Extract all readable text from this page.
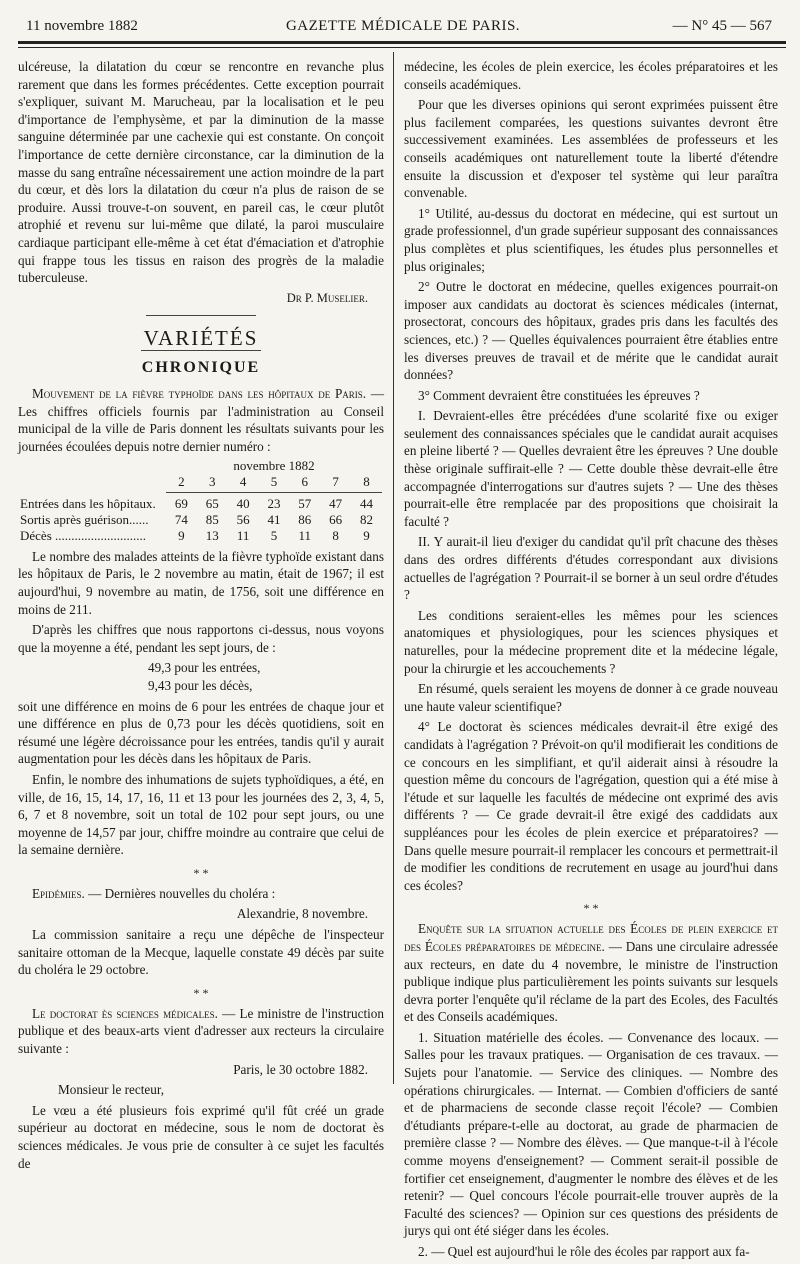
11 novembre 1882	GAZETTE MÉDICALE DE PARIS.	— N° 45 — 567

ulcéreuse, la dilatation du cœur se rencontre en revanche plus rarement que dans les formes précédentes. Cette exception pourrait s'expliquer, suivant M. Marucheau, par la localisation et le peu d'importance de l'emphysème, et par la diminution de la masse sanguine déterminée par une cachexie qui est constante. On conçoit l'importance de cette dernière circonstance, car la diminution de la masse du sang entraîne nécessairement une action moindre de la part du cœur, et dès lors la dilatation du cœur n'a plus de raison de se produire. Aussi trouve-t-on souvent, en pareil cas, le cœur plutôt atrophié et revenu sur lui-même que dilaté, la paroi musculaire cardiaque participant elle-même à cet état d'émaciation et d'atrophie qui frappe tous les tissus en raison des progrès de la maladie tuberculeuse.

Dr P. Muselier.

VARIÉTÉS
CHRONIQUE

Mouvement de la fièvre typhoïde dans les hôpitaux de Paris. — Les chiffres officiels fournis par l'administration au Conseil municipal de la ville de Paris donnent les résultats suivants pour les journées écoulées depuis notre dernier numéro :

	novembre 1882						
	2	3	4	5	6	7	8

Entrées dans les hôpitaux.	69	65	40	23	57	47	44
Sortis après guérison......	74	85	56	41	86	66	82
Décès ............................	9	13	11	5	11	8	9

Le nombre des malades atteints de la fièvre typhoïde existant dans les hôpitaux de Paris, le 2 novembre au matin, était de 1967; il est aujourd'hui, 9 novembre au matin, de 1756, soit une différence en moins de 211.

D'après les chiffres que nous rapportons ci-dessus, nous voyons que la moyenne a été, pendant les sept jours, de :

49,3 pour les entrées,

9,43 pour les décès,

soit une différence en moins de 6 pour les entrées de chaque jour et une différence en plus de 0,73 pour les décès quotidiens, soit en résumé une légère décroissance pour les entrées, tandis qu'il y aurait augmentation pour les décès dans les hôpitaux de Paris.

Enfin, le nombre des inhumations de sujets typhoïdiques, a été, en ville, de 16, 15, 14, 17, 16, 11 et 13 pour les journées des 2, 3, 4, 5, 6, 7 et 8 novembre, soit un total de 102 pour sept jours, ou une moyenne de 14,57 par jour, chiffre moindre au contraire que celui de la semaine dernière.

* *

Epidémies. — Dernières nouvelles du choléra :

Alexandrie, 8 novembre.

La commission sanitaire a reçu une dépêche de l'inspecteur sanitaire ottoman de la Mecque, laquelle constate 49 décès par suite du choléra le 29 octobre.

* *

Le doctorat ès sciences médicales. — Le ministre de l'instruction publique et des beaux-arts vient d'adresser aux recteurs la circulaire suivante :

Paris, le 30 octobre 1882.

Monsieur le recteur,

Le vœu a été plusieurs fois exprimé qu'il fût créé un grade supérieur au doctorat en médecine, sous le nom de doctorat ès sciences médicales. Je vous prie de consulter à ce sujet les facultés de

médecine, les écoles de plein exercice, les écoles préparatoires et les conseils académiques.

Pour que les diverses opinions qui seront exprimées puissent être plus facilement comparées, les questions suivantes devront être successivement examinées. Les assemblées de professeurs et les conseils académiques ont naturellement toute la liberté d'étendre ensuite la discussion et d'exposer tel système qui leur paraîtra convenable.

1° Utilité, au-dessus du doctorat en médecine, qui est surtout un grade professionnel, d'un grade supérieur supposant des connaissances plus complètes et plus scientifiques, les études plus personnelles et plus originales;

2° Outre le doctorat en médecine, quelles exigences pourrait-on imposer aux candidats au doctorat ès sciences médicales (internat, prosectorat, concours des hôpitaux, grades pris dans les facultés des sciences, etc.) ? — Quelles équivalences pourraient être établies entre les diverses preuves de travail et de mérite que le candidat aurait données?

3° Comment devraient être constituées les épreuves ?

I. Devraient-elles être précédées d'une scolarité fixe ou exiger seulement des connaissances spéciales que le candidat aurait acquises en pleine liberté ? — Quelles devraient être les épreuves ? Une double thèse originale suffirait-elle ? — Cette double thèse devrait-elle être accompagnée d'interrogations sur d'autres sujets ? — Une des thèses pourrait-elle être remplacée par des propositions que choisirait la faculté ?

II. Y aurait-il lieu d'exiger du candidat qu'il prît chacune des thèses dans des ordres différents d'études correspondant aux divisions actuelles de l'agrégation ? Pourrait-il se borner à un seul ordre d'études ?

Les conditions seraient-elles les mêmes pour les sciences anatomiques et physiologiques, pour les sciences physiques et naturelles, pour la médecine proprement dite et la médecine légale, pour la chirurgie et les accouchements ?

En résumé, quels seraient les moyens de donner à ce grade nouveau une haute valeur scientifique?

4° Le doctorat ès sciences médicales devrait-il être exigé des candidats à l'agrégation ? Prévoit-on qu'il modifierait les conditions de ce concours en les simplifiant, et qu'il aiderait ainsi à résoudre la question même du concours de l'agrégation, question qui a été mise à l'étude et sur laquelle les facultés de médecine ont exprimé des avis différents ? — Ce grade devrait-il être exigé des caddidats aux suppléances pour les écoles de plein exercice et préparatoires? — Dans quelle mesure pourrait-il remplacer les concours et permettrait-il de modifier les conditions de recrutement en usage au jourd'hui dans ces écoles?

* *

Enquête sur la situation actuelle des Écoles de plein exercice et des Écoles préparatoires de médecine. — Dans une circulaire adressée aux recteurs, en date du 4 novembre, le ministre de l'instruction publique indique plus particulièrement les points suivants sur lesquels devra porter l'enquête qu'il réclame de la part des Ecoles, des Facultés et des Conseils académiques.

1. Situation matérielle des écoles. — Convenance des locaux. — Salles pour les travaux pratiques. — Organisation de ces travaux. — Sujets pour l'anatomie. — Service des cliniques. — Nombre des opérations chirurgicales. — Internat. — Combien d'officiers de santé et de pharmaciens de seconde classe reçoit l'école? — Combien d'étudiants prépare-t-elle au doctorat, au grade de pharmacien de première classe ? — Nombre des élèves. — Que manque-t-il à l'école comme moyens d'enseignement? — Comment serait-il possible de fortifier cet enseignement, d'augmenter le nombre des élèves et de les retenir? — Quel concours l'école pourrait-elle trouver auprès de la Faculté des sciences? — Opinion sur ces questions des présidents de jurys qui ont été siéger dans les écoles.

2. — Quel est aujourd'hui le rôle des écoles par rapport aux fa-
